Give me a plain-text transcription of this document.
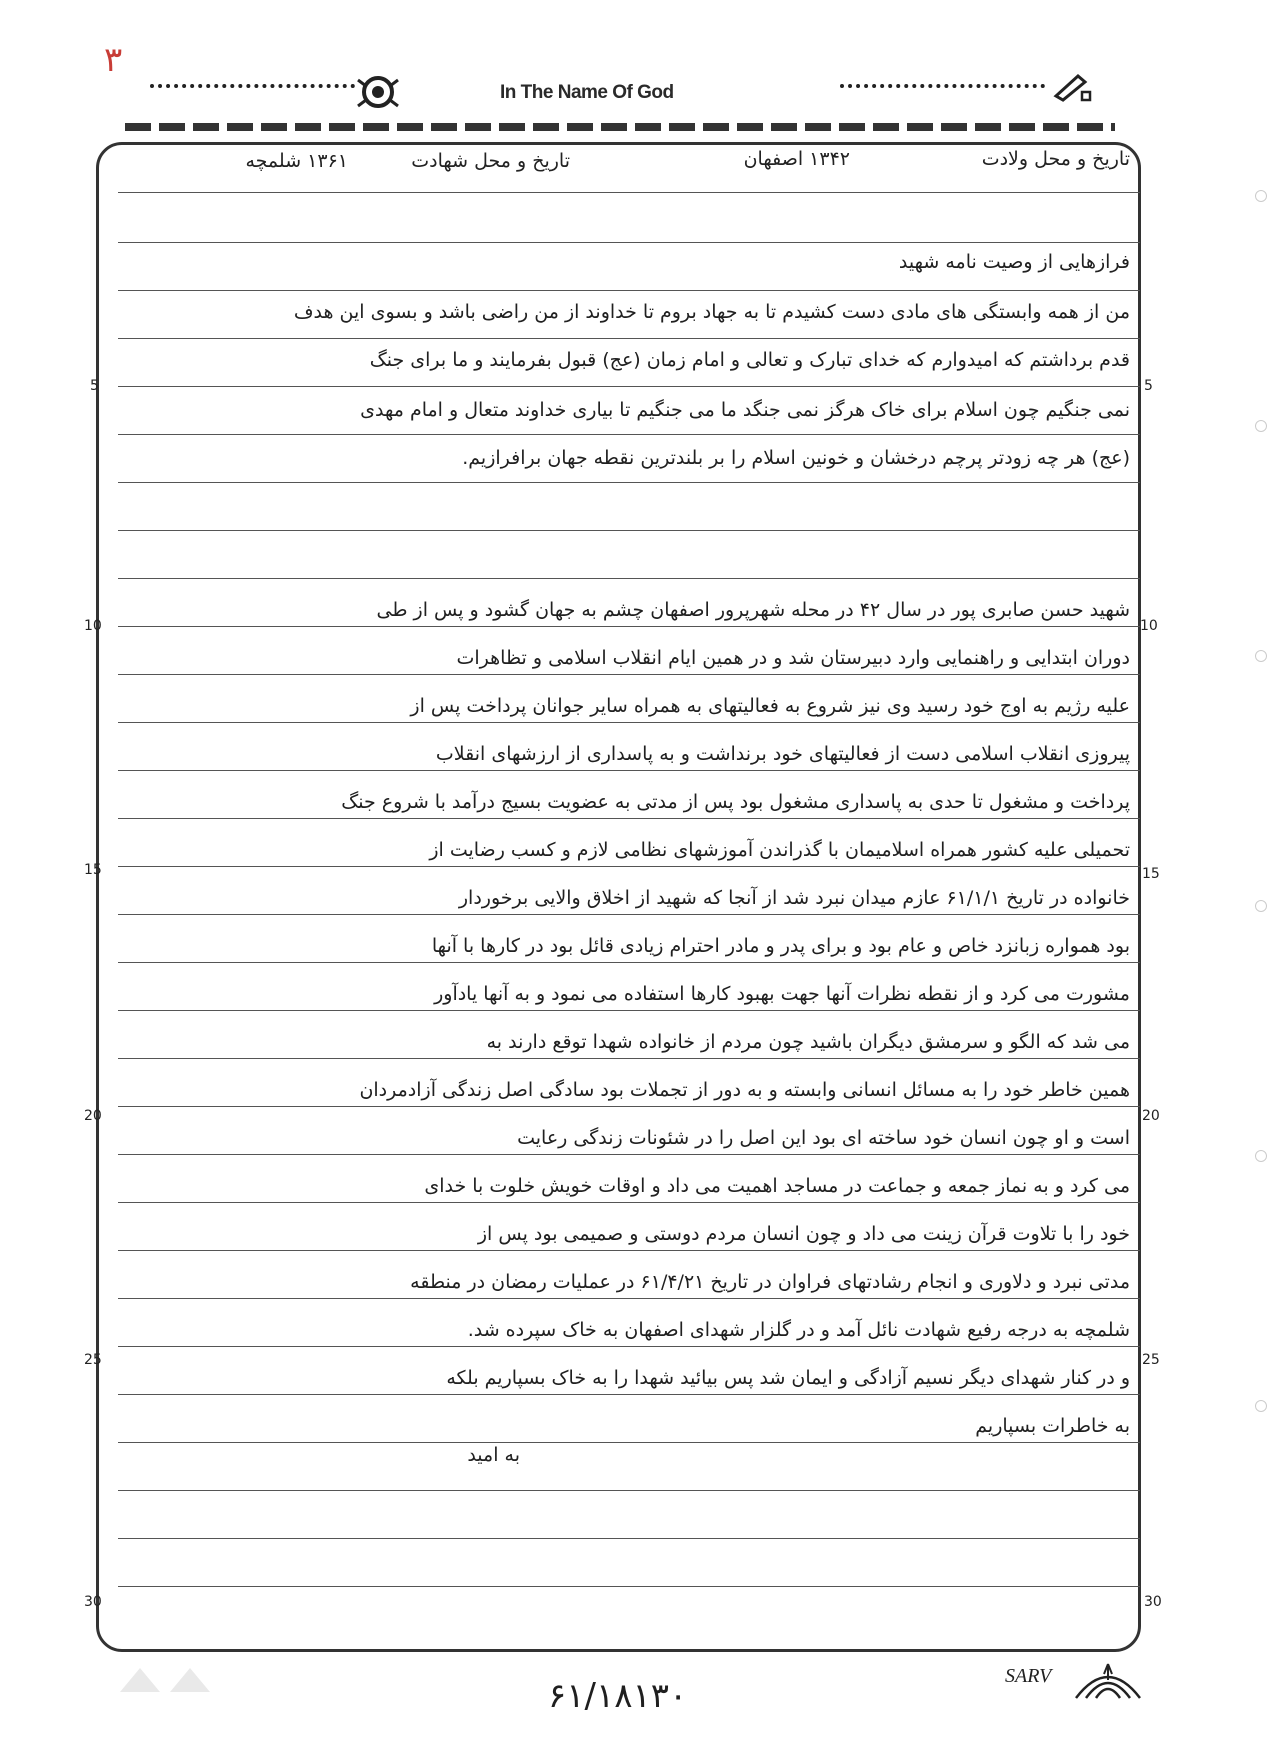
۳
In The Name Of God
5	5
10	10
15	15
20	20
25	25
30	30
تاریخ و محل ولادت
۱۳۴۲ اصفهان
تاریخ و محل شهادت
۱۳۶۱ شلمچه
فرازهایی از وصیت نامه شهید
من از همه وابستگی های مادی دست کشیدم تا به جهاد بروم تا خداوند از من راضی باشد و بسوی این هدف
قدم برداشتم که امیدوارم که خدای تبارک و تعالی و امام زمان (عج) قبول بفرمایند و ما برای جنگ
نمی جنگیم چون اسلام برای خاک هرگز نمی جنگد ما می جنگیم تا بیاری خداوند متعال و امام مهدی
(عج) هر چه زودتر پرچم درخشان و خونین اسلام را بر بلندترین نقطه جهان برافرازیم.
شهید حسن صابری پور در سال ۴۲ در محله شهرپرور اصفهان چشم به جهان گشود و پس از طی
دوران ابتدایی و راهنمایی وارد دبیرستان شد و در همین ایام انقلاب اسلامی و تظاهرات
علیه رژیم به اوج خود رسید وی نیز شروع به فعالیتهای به همراه سایر جوانان پرداخت پس از
پیروزی انقلاب اسلامی دست از فعالیتهای خود برنداشت و به پاسداری از ارزشهای انقلاب
پرداخت و مشغول تا حدی به پاسداری مشغول بود پس از مدتی به عضویت بسیج درآمد با شروع جنگ
تحمیلی علیه کشور همراه اسلامیمان با گذراندن آموزشهای نظامی لازم و کسب رضایت از
خانواده در تاریخ ۶۱/۱/۱ عازم میدان نبرد شد از آنجا که شهید از اخلاق والایی برخوردار
بود همواره زبانزد خاص و عام بود و برای پدر و مادر احترام زیادی قائل بود در کارها با آنها
مشورت می کرد و از نقطه نظرات آنها جهت بهبود کارها استفاده می نمود و به آنها یادآور
می شد که الگو و سرمشق دیگران باشید چون مردم از خانواده شهدا توقع دارند به
همین خاطر خود را به مسائل انسانی وابسته و به دور از تجملات بود سادگی اصل زندگی آزادمردان
است و او چون انسان خود ساخته ای بود این اصل را در شئونات زندگی رعایت
می کرد و به نماز جمعه و جماعت در مساجد اهمیت می داد و اوقات خویش خلوت با خدای
خود را با تلاوت قرآن زینت می داد و چون انسان مردم دوستی و صمیمی بود پس از
مدتی نبرد و دلاوری و انجام رشادتهای فراوان در تاریخ ۶۱/۴/۲۱ در عملیات رمضان در منطقه
شلمچه به درجه رفیع شهادت نائل آمد و در گلزار شهدای اصفهان به خاک سپرده شد.
و در کنار شهدای دیگر نسیم آزادگی و ایمان شد پس بیائید شهدا را به خاک بسپاریم بلکه
به خاطرات بسپاریم
به امید
۶۱/۱۸۱۳۰	SARV
